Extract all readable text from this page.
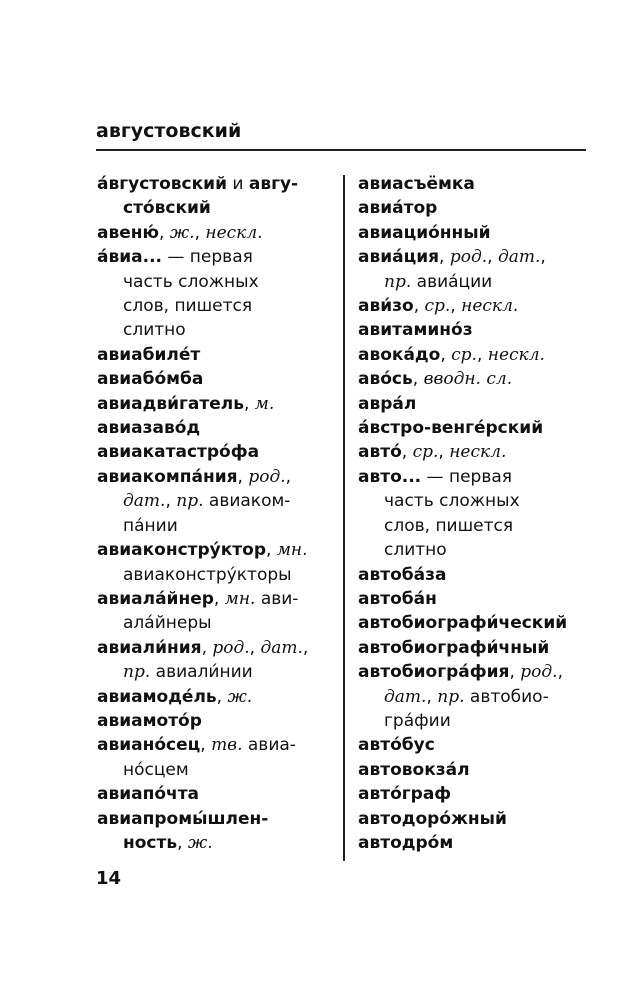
августовский
а́вгустовский и авгу-
сто́вский
авеню́, ж., нескл.
а́виа... — первая
часть сложных
слов, пишется
слитно
авиабиле́т
авиабо́мба
авиадви́гатель, м.
авиазаво́д
авиакатастро́фа
авиакомпа́ния, род.,
дат., пр. авиаком-
па́нии
авиаконстру́ктор, мн.
авиаконстру́кторы
авиала́йнер, мн. ави-
ала́йнеры
авиали́ния, род., дат.,
пр. авиали́нии
авиамоде́ль, ж.
авиамото́р
авиано́сец, тв. авиа-
но́сцем
авиапо́чта
авиапромы́шлен-
ность, ж.
авиасъёмка
авиа́тор
авиацио́нный
авиа́ция, род., дат.,
пр. авиа́ции
ави́зо, ср., нескл.
авитамино́з
авока́до, ср., нескл.
аво́сь, вводн. сл.
авра́л
а́встро-венге́рский
авто́, ср., нескл.
авто... — первая
часть сложных
слов, пишется
слитно
автоба́за
автоба́н
автобиографи́ческий
автобиографи́чный
автобиогра́фия, род.,
дат., пр. автобио-
гра́фии
авто́бус
автовокза́л
авто́граф
автодоро́жный
автодро́м
14
